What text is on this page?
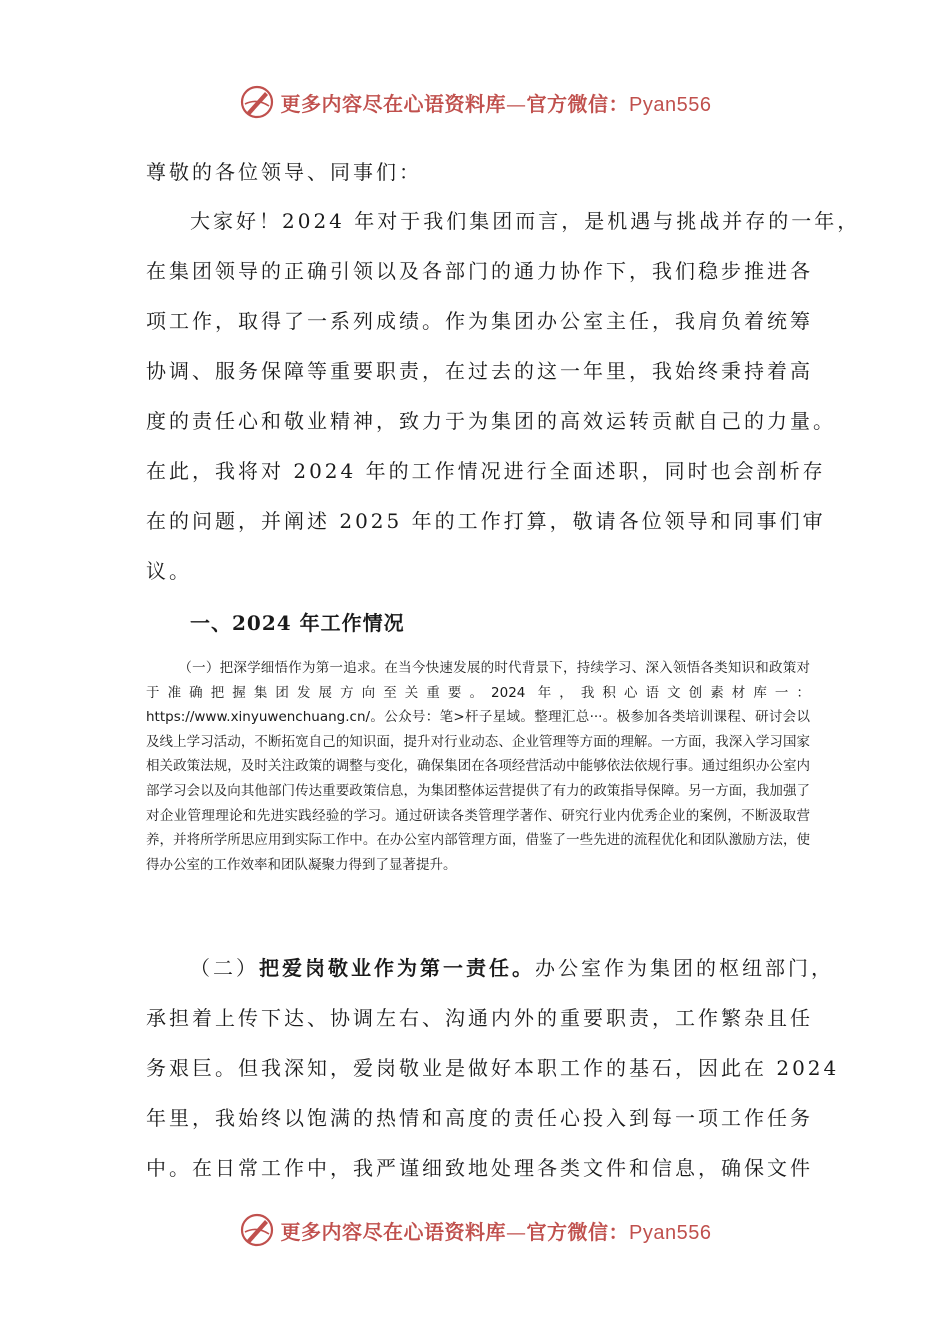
更多内容尽在心语资料库—官方微信：Pyan556
尊敬的各位领导、同事们：
大家好！2024 年对于我们集团而言，是机遇与挑战并存的一年，
在集团领导的正确引领以及各部门的通力协作下，我们稳步推进各
项工作，取得了一系列成绩。作为集团办公室主任，我肩负着统筹
协调、服务保障等重要职责，在过去的这一年里，我始终秉持着高
度的责任心和敬业精神，致力于为集团的高效运转贡献自己的力量。
在此，我将对 2024 年的工作情况进行全面述职，同时也会剖析存
在的问题，并阐述 2025 年的工作打算，敬请各位领导和同事们审
议。
一、2024 年工作情况

（一）把深学细悟作为第一追求。在当今快速发展的时代背景下，持续学习、深入领悟各类知识和政策对于准确把握集团发展方向至关重要。2024 年，我积心语文创素材库一：https://www.xinyuwenchuang.cn/。公众号：笔>杆子星域。整理汇总···。极参加各类培训课程、研讨会以及线上学习活动，不断拓宽自己的知识面，提升对行业动态、企业管理等方面的理解。一方面，我深入学习国家相关政策法规，及时关注政策的调整与变化，确保集团在各项经营活动中能够依法依规行事。通过组织办公室内部学习会以及向其他部门传达重要政策信息，为集团整体运营提供了有力的政策指导保障。另一方面，我加强了对企业管理理论和先进实践经验的学习。通过研读各类管理学著作、研究行业内优秀企业的案例，不断汲取营养，并将所学所思应用到实际工作中。在办公室内部管理方面，借鉴了一些先进的流程优化和团队激励方法，使得办公室的工作效率和团队凝聚力得到了显著提升。

（二）把爱岗敬业作为第一责任。办公室作为集团的枢纽部门，
承担着上传下达、协调左右、沟通内外的重要职责，工作繁杂且任
务艰巨。但我深知，爱岗敬业是做好本职工作的基石，因此在 2024
年里，我始终以饱满的热情和高度的责任心投入到每一项工作任务
中。在日常工作中，我严谨细致地处理各类文件和信息，确保文件
更多内容尽在心语资料库—官方微信：Pyan556
